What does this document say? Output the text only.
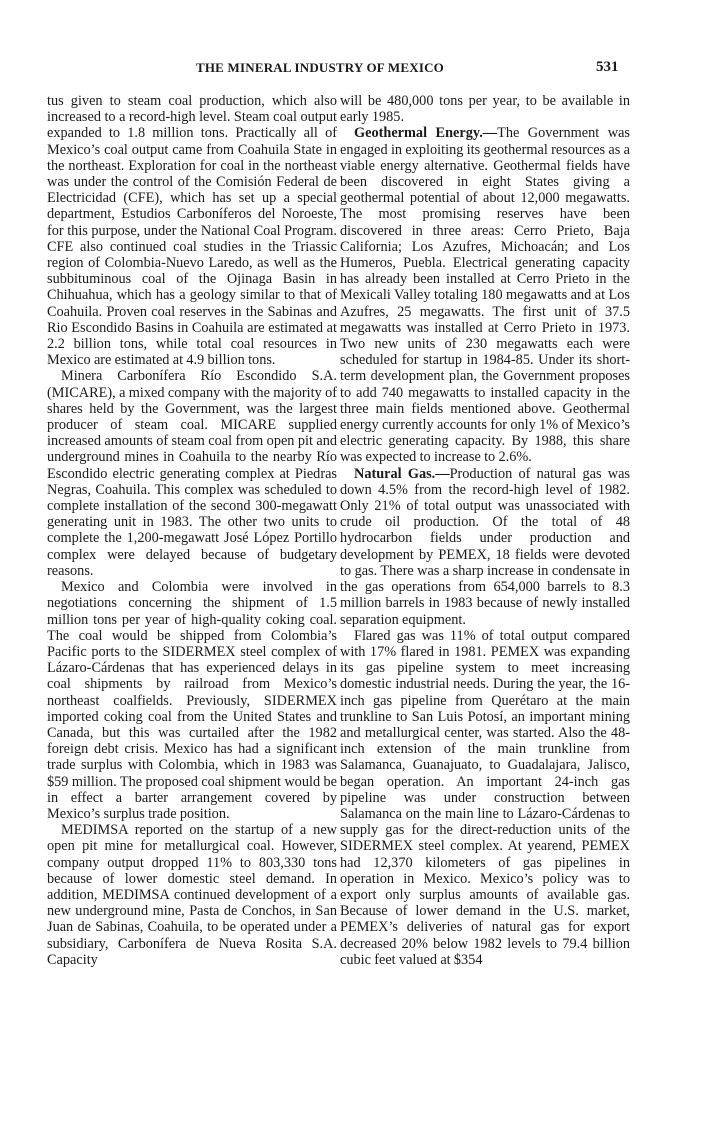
THE MINERAL INDUSTRY OF MEXICO	531

tus given to steam coal production, which also increased to a record-high level. Steam coal output expanded to 1.8 million tons. Practically all of Mexico’s coal output came from Coahuila State in the northeast. Exploration for coal in the northeast was under the control of the Comisión Federal de Electricidad (CFE), which has set up a special department, Estudios Carboníferos del Noroeste, for this purpose, under the National Coal Program. CFE also continued coal studies in the Triassic region of Colombia-Nuevo Laredo, as well as the subbituminous coal of the Ojinaga Basin in Chihuahua, which has a geology similar to that of Coahuila. Proven coal reserves in the Sabinas and Rio Escondido Basins in Coahuila are estimated at 2.2 billion tons, while total coal resources in Mexico are estimated at 4.9 billion tons.

Minera Carbonífera Río Escondido S.A. (MICARE), a mixed company with the majority of shares held by the Government, was the largest producer of steam coal. MICARE supplied increased amounts of steam coal from open pit and underground mines in Coahuila to the nearby Río Escondido electric generating complex at Piedras Negras, Coahuila. This complex was scheduled to complete installation of the second 300-megawatt generating unit in 1983. The other two units to complete the 1,200-megawatt José López Portillo complex were delayed because of budgetary reasons.

Mexico and Colombia were involved in negotiations concerning the shipment of 1.5 million tons per year of high-quality coking coal. The coal would be shipped from Colombia’s Pacific ports to the SIDERMEX steel complex of Lázaro-Cárdenas that has experienced delays in coal shipments by railroad from Mexico’s northeast coalfields. Previously, SIDERMEX imported coking coal from the United States and Canada, but this was curtailed after the 1982 foreign debt crisis. Mexico has had a significant trade surplus with Colombia, which in 1983 was $59 million. The proposed coal shipment would be in effect a barter arrangement covered by Mexico’s surplus trade position.

MEDIMSA reported on the startup of a new open pit mine for metallurgical coal. However, company output dropped 11% to 803,330 tons because of lower domestic steel demand. In addition, MEDIMSA continued development of a new underground mine, Pasta de Conchos, in San Juan de Sabinas, Coahuila, to be operated under a subsidiary, Carbonífera de Nueva Rosita S.A. Capacity

will be 480,000 tons per year, to be available in early 1985.

Geothermal Energy.—The Government was engaged in exploiting its geothermal resources as a viable energy alternative. Geothermal fields have been discovered in eight States giving a geothermal potential of about 12,000 megawatts. The most promising reserves have been discovered in three areas: Cerro Prieto, Baja California; Los Azufres, Michoacán; and Los Humeros, Puebla. Electrical generating capacity has already been installed at Cerro Prieto in the Mexicali Valley totaling 180 megawatts and at Los Azufres, 25 megawatts. The first unit of 37.5 megawatts was installed at Cerro Prieto in 1973. Two new units of 230 megawatts each were scheduled for startup in 1984-85. Under its short-term development plan, the Government proposes to add 740 megawatts to installed capacity in the three main fields mentioned above. Geothermal energy currently accounts for only 1% of Mexico’s electric generating capacity. By 1988, this share was expected to increase to 2.6%.

Natural Gas.—Production of natural gas was down 4.5% from the record-high level of 1982. Only 21% of total output was unassociated with crude oil production. Of the total of 48 hydrocarbon fields under production and development by PEMEX, 18 fields were devoted to gas. There was a sharp increase in condensate in the gas operations from 654,000 barrels to 8.3 million barrels in 1983 because of newly installed separation equipment.

Flared gas was 11% of total output compared with 17% flared in 1981. PEMEX was expanding its gas pipeline system to meet increasing domestic industrial needs. During the year, the 16-inch gas pipeline from Querétaro at the main trunkline to San Luis Potosí, an important mining and metallurgical center, was started. Also the 48-inch extension of the main trunkline from Salamanca, Guanajuato, to Guadalajara, Jalisco, began operation. An important 24-inch gas pipeline was under construction between Salamanca on the main line to Lázaro-Cárdenas to supply gas for the direct-reduction units of the SIDERMEX steel complex. At yearend, PEMEX had 12,370 kilometers of gas pipelines in operation in Mexico. Mexico’s policy was to export only surplus amounts of available gas. Because of lower demand in the U.S. market, PEMEX’s deliveries of natural gas for export decreased 20% below 1982 levels to 79.4 billion cubic feet valued at $354
